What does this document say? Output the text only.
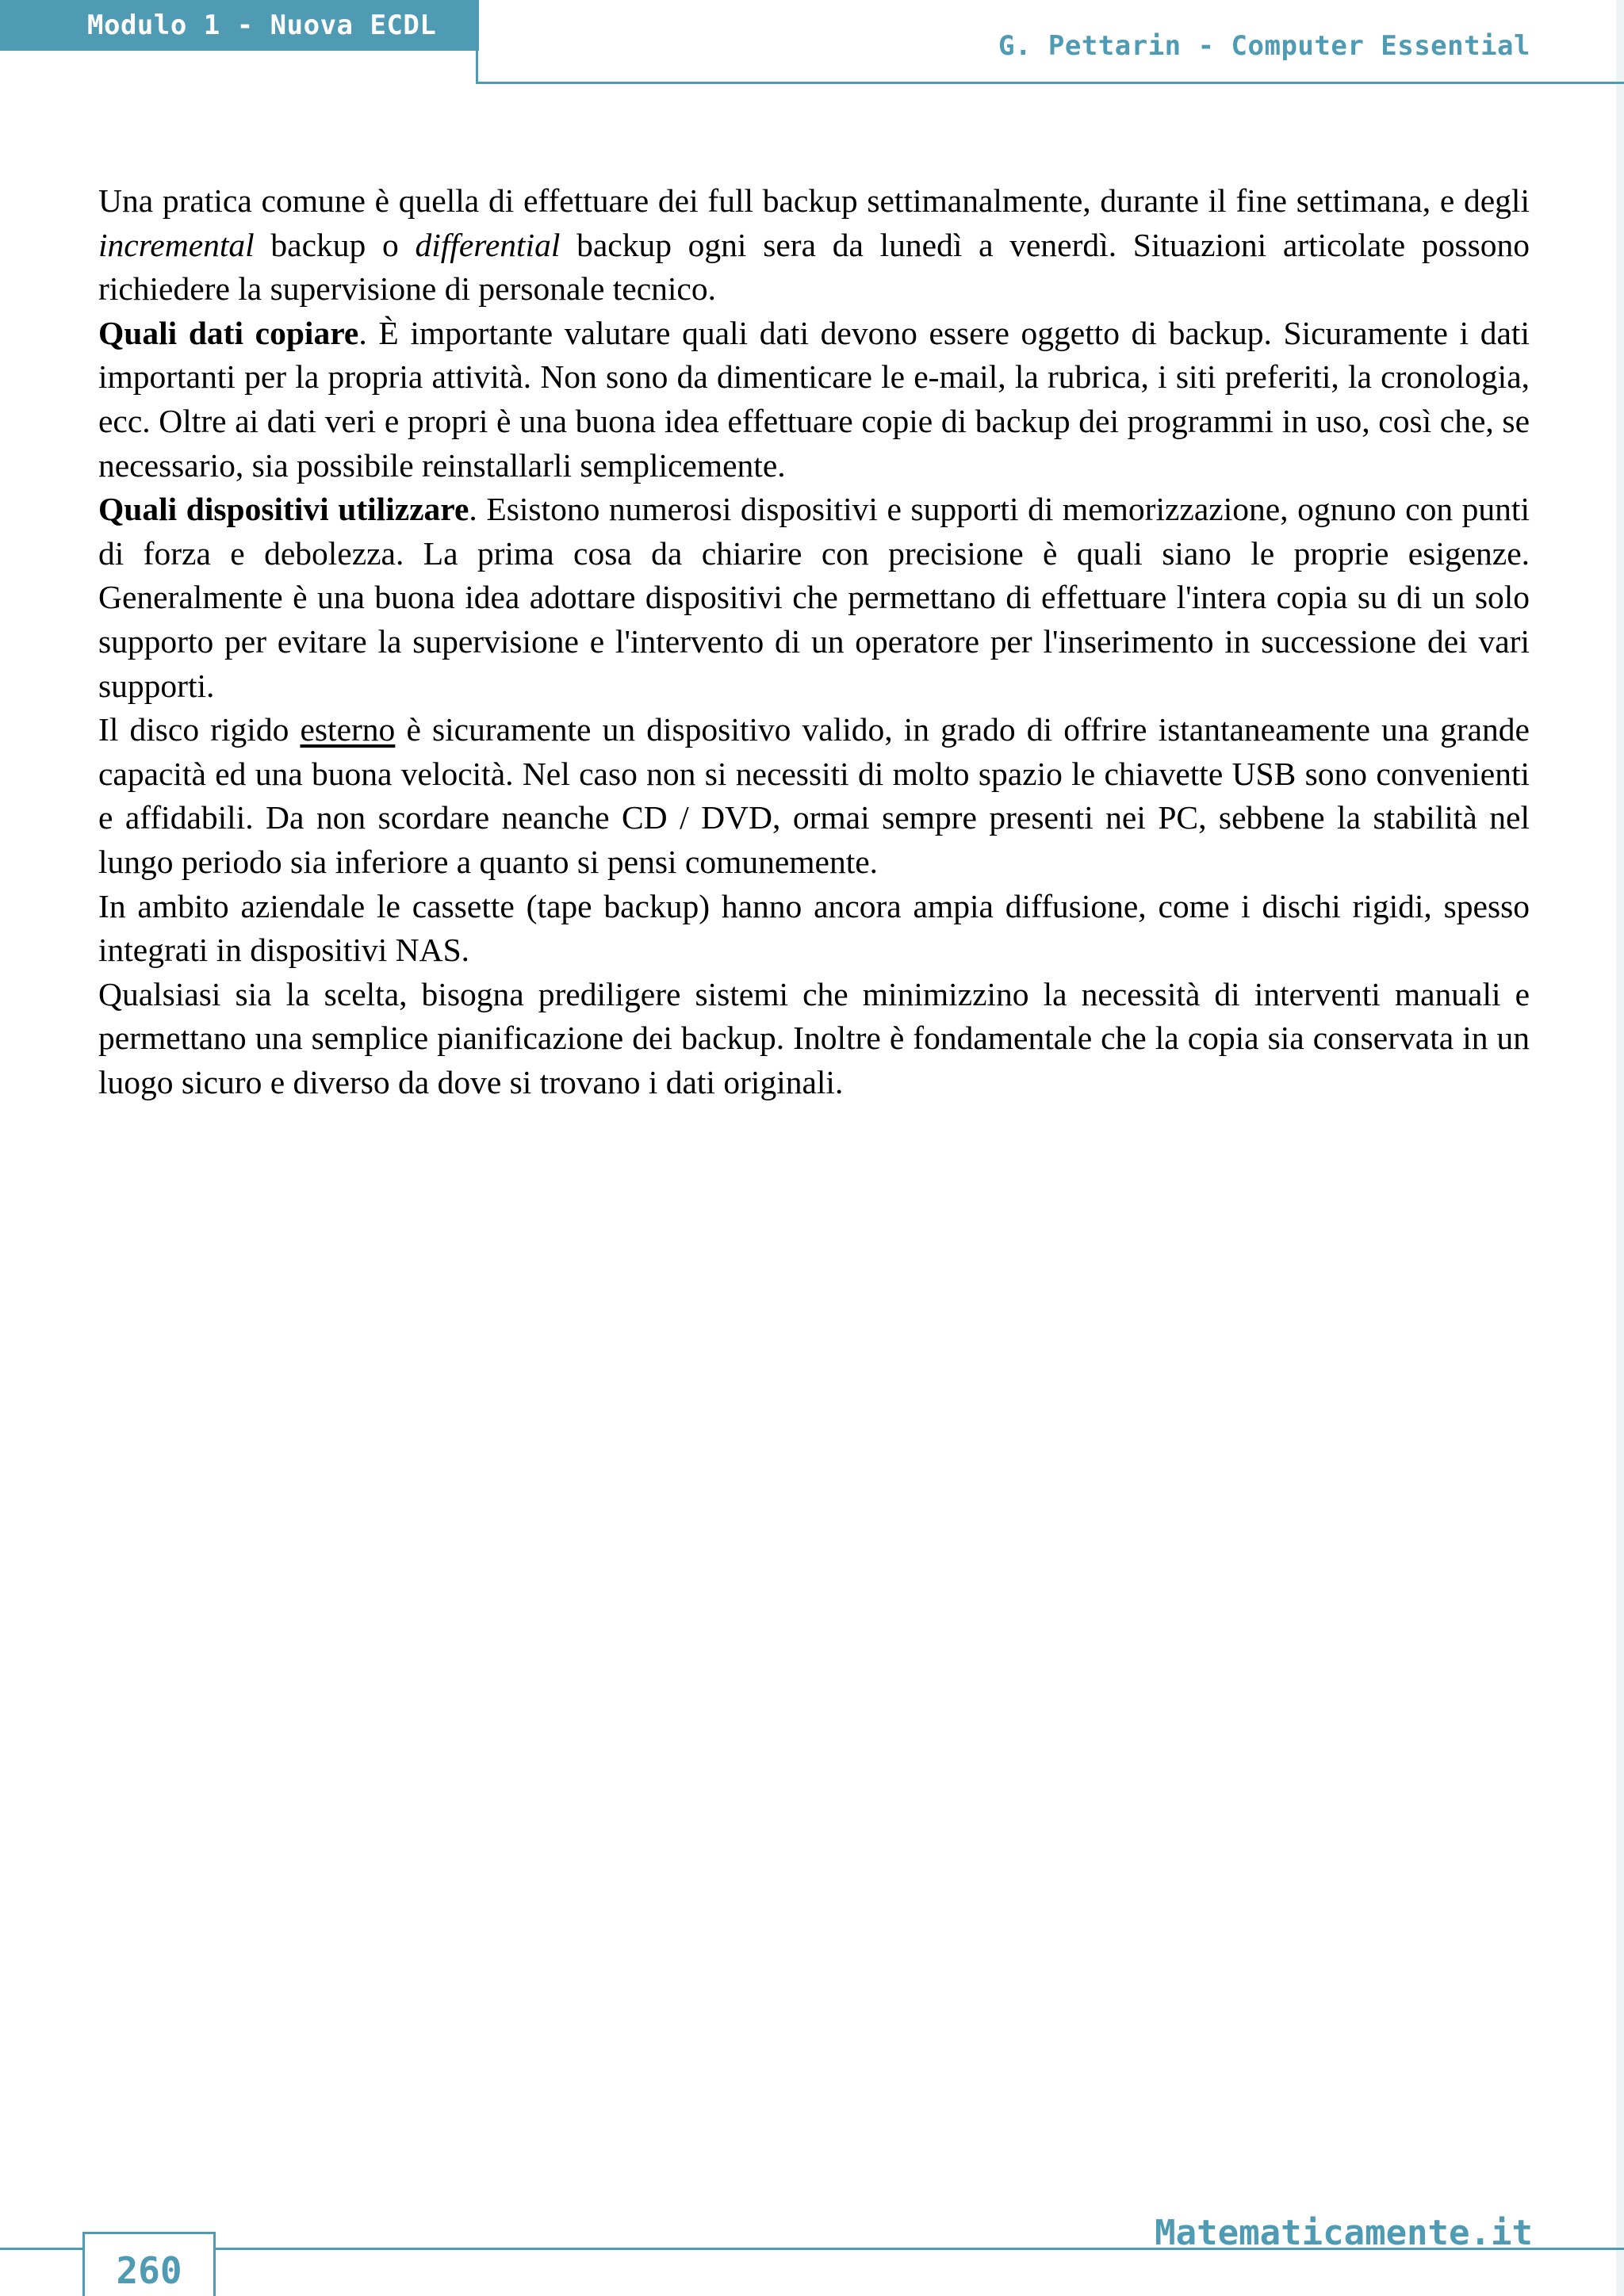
Modulo 1 - Nuova ECDL
G. Pettarin - Computer Essential

Una pratica comune è quella di effettuare dei full backup settimanalmente, durante il fine settimana, e degli incremental backup o differential backup ogni sera da lunedì a venerdì. Situazioni articolate possono richiedere la supervisione di personale tecnico.

Quali dati copiare. È importante valutare quali dati devono essere oggetto di backup. Sicuramente i dati importanti per la propria attività. Non sono da dimenticare le e-mail, la rubrica, i siti preferiti, la cronologia, ecc. Oltre ai dati veri e propri è una buona idea effettuare copie di backup dei programmi in uso, così che, se necessario, sia possibile reinstallarli semplicemente.

Quali dispositivi utilizzare. Esistono numerosi dispositivi e supporti di memorizzazione, ognuno con punti di forza e debolezza. La prima cosa da chiarire con precisione è quali siano le proprie esigenze. Generalmente è una buona idea adottare dispositivi che permettano di effettuare l'intera copia su di un solo supporto per evitare la supervisione e l'intervento di un operatore per l'inserimento in successione dei vari supporti.

Il disco rigido esterno è sicuramente un dispositivo valido, in grado di offrire istantaneamente una grande capacità ed una buona velocità. Nel caso non si necessiti di molto spazio le chiavette USB sono convenienti e affidabili. Da non scordare neanche CD / DVD, ormai sempre presenti nei PC, sebbene la stabilità nel lungo periodo sia inferiore a quanto si pensi comunemente.

In ambito aziendale le cassette (tape backup) hanno ancora ampia diffusione, come i dischi rigidi, spesso integrati in dispositivi NAS.

Qualsiasi sia la scelta, bisogna prediligere sistemi che minimizzino la necessità di interventi manuali e permettano una semplice pianificazione dei backup. Inoltre è fondamentale che la copia sia conservata in un luogo sicuro e diverso da dove si trovano i dati originali.

260
Matematicamente.it
